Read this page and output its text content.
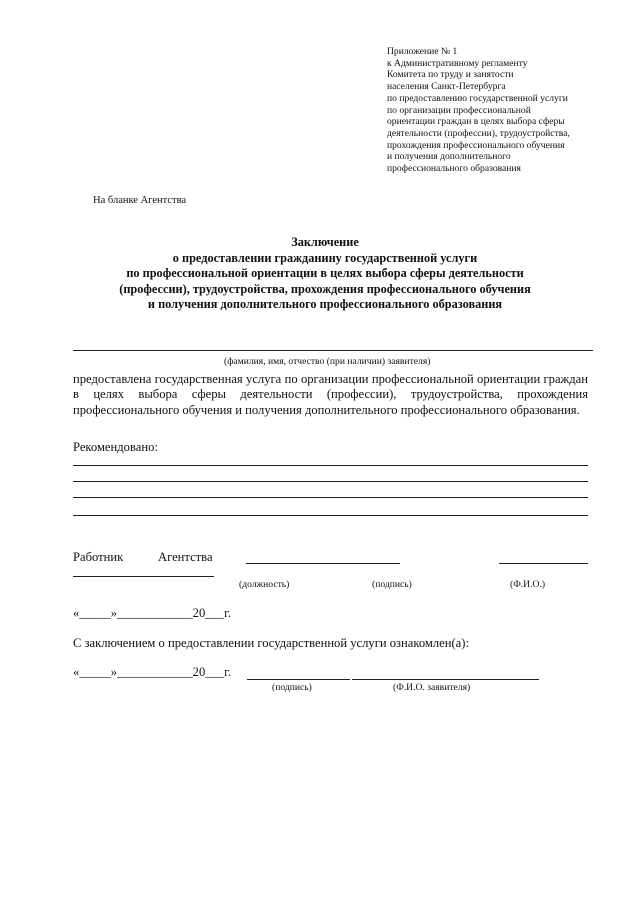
Приложение № 1
к Административному регламенту
Комитета по труду и занятости
населения Санкт-Петербурга
по предоставлению государственной услуги
по организации профессиональной
ориентации граждан в целях выбора сферы
деятельности (профессии), трудоустройства,
прохождения профессионального обучения
и получения дополнительного
профессионального образования
На бланке Агентства
Заключение
о предоставлении гражданину государственной услуги
по профессиональной ориентации в целях выбора сферы деятельности
(профессии), трудоустройства, прохождения профессионального обучения
и получения дополнительного профессионального образования
(фамилия, имя, отчество (при наличии) заявителя)
предоставлена государственная услуга по организации профессиональной ориентации граждан в целях выбора сферы деятельности (профессии), трудоустройства, прохождения профессионального обучения и получения дополнительного профессионального образования.
Рекомендовано:
Работник	Агентства
(должность)	(подпись)	(Ф.И.О.)
«_____»____________20___г.
С заключением о предоставлении государственной услуги ознакомлен(а):
«_____»____________20___г.
(подпись)	(Ф.И.О. заявителя)
